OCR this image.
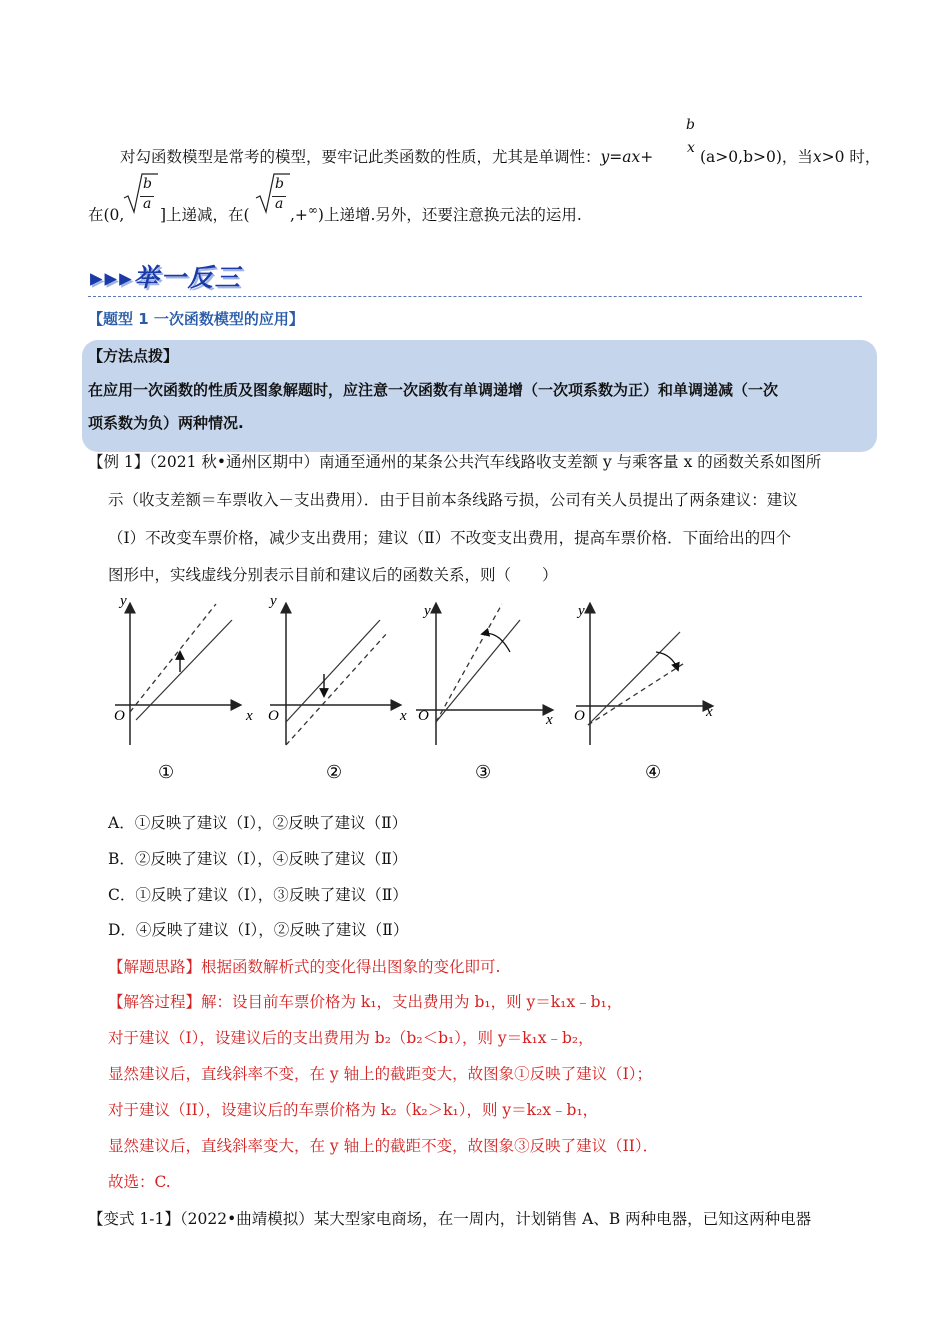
对勾函数模型是常考的模型，要牢记此类函数的性质，尤其是单调性：y=ax+
b
x (a>0,b>0)，当x>0 时，
在(0,
b
a
]上递减，在(
b
a
,+∞)上递增.另外，还要注意换元法的运用.
▸▸▸举一反三
【题型 1 一次函数模型的应用】
【方法点拨】
在应用一次函数的性质及图象解题时，应注意一次函数有单调递增（一次项系数为正）和单调递减（一次
项系数为负）两种情况.
【例 1】（2021 秋•通州区期中）南通至通州的某条公共汽车线路收支差额 y 与乘客量 x 的函数关系如图所
示（收支差额＝车票收入－支出费用）．由于目前本条线路亏损，公司有关人员提出了两条建议：建议
（Ⅰ）不改变车票价格，减少支出费用；建议（Ⅱ）不改变支出费用，提高车票价格．下面给出的四个
图形中，实线虚线分别表示目前和建议后的函数关系，则（　　）
y
x
O
①
y
x
O
②
y
x
O
③
y
x
O
④
A．①反映了建议（Ⅰ），②反映了建议（Ⅱ）
B．②反映了建议（Ⅰ），④反映了建议（Ⅱ）
C．①反映了建议（Ⅰ），③反映了建议（Ⅱ）
D．④反映了建议（Ⅰ），②反映了建议（Ⅱ）
【解题思路】根据函数解析式的变化得出图象的变化即可.
【解答过程】解：设目前车票价格为 k₁，支出费用为 b₁，则 y＝k₁x﹣b₁，
对于建议（I），设建议后的支出费用为 b₂（b₂＜b₁），则 y＝k₁x﹣b₂，
显然建议后，直线斜率不变，在 y 轴上的截距变大，故图象①反映了建议（I）；
对于建议（II），设建议后的车票价格为 k₂（k₂＞k₁），则 y＝k₂x﹣b₁，
显然建议后，直线斜率变大，在 y 轴上的截距不变，故图象③反映了建议（II）．
故选：C.
【变式 1-1】（2022•曲靖模拟）某大型家电商场，在一周内，计划销售 A、B 两种电器，已知这两种电器
